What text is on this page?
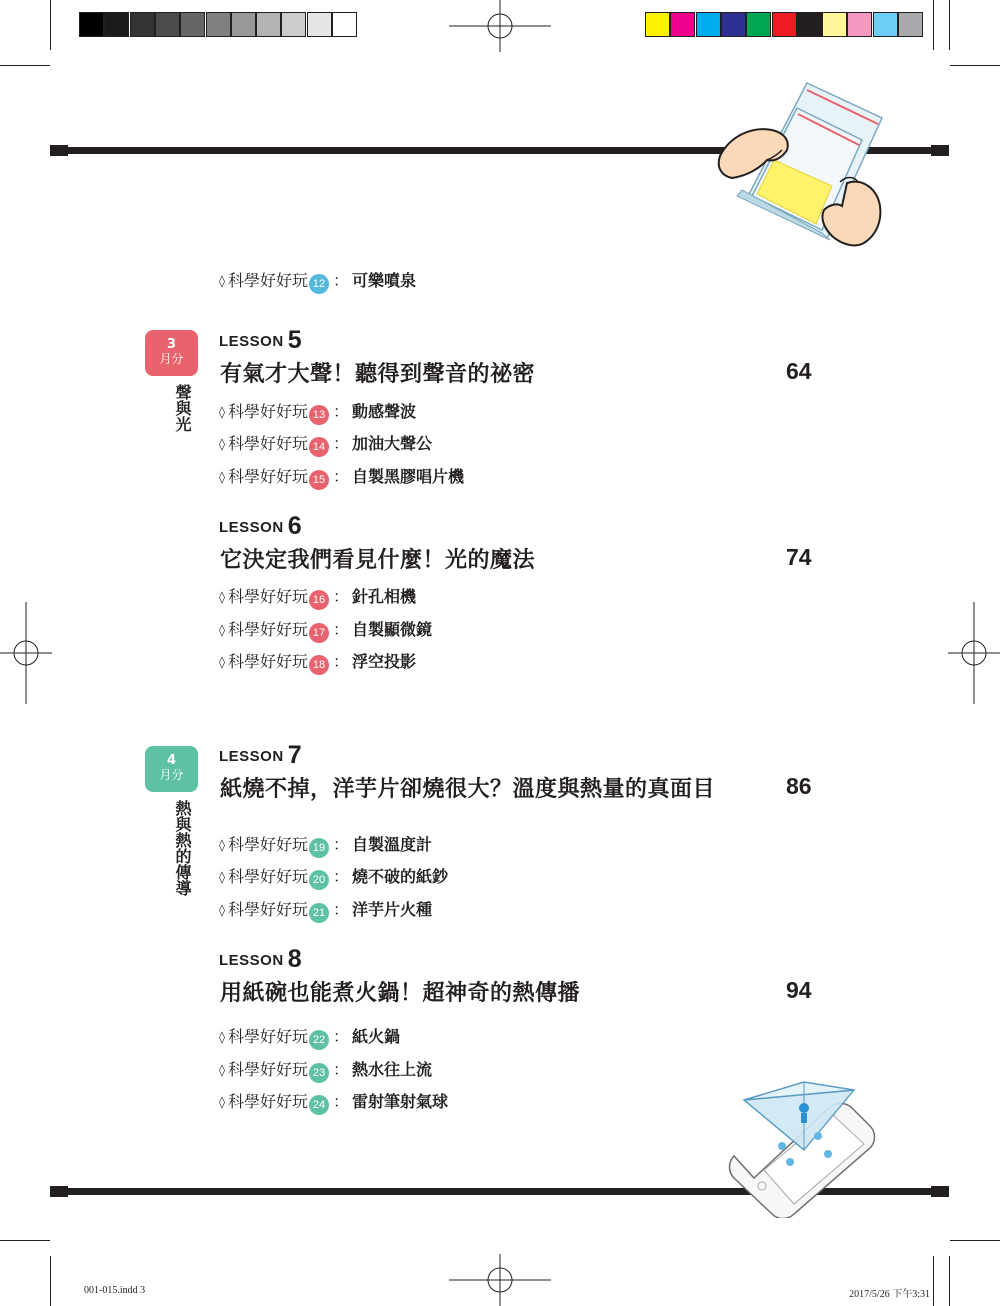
◊ 科學好好玩 12 ： 可樂噴泉
3
月分
聲與光
LESSON 5
有氣才大聲！聽得到聲音的祕密	64
◊ 科學好好玩 13 ： 動感聲波
◊ 科學好好玩 14 ： 加油大聲公
◊ 科學好好玩 15 ： 自製黑膠唱片機
LESSON 6
它決定我們看見什麼！光的魔法	74
◊ 科學好好玩 16 ： 針孔相機
◊ 科學好好玩 17 ： 自製顯微鏡
◊ 科學好好玩 18 ： 浮空投影
4
月分
熱與熱的傳導
LESSON 7
紙燒不掉，洋芋片卻燒很大？溫度與熱量的真面目	86
◊ 科學好好玩 19 ： 自製溫度計
◊ 科學好好玩 20 ： 燒不破的紙鈔
◊ 科學好好玩 21 ： 洋芋片火種
LESSON 8
用紙碗也能煮火鍋！超神奇的熱傳播	94
◊ 科學好好玩 22 ： 紙火鍋
◊ 科學好好玩 23 ： 熱水往上流
◊ 科學好好玩 24 ： 雷射筆射氣球
001-015.indd 3	2017/5/26 下午3:31
